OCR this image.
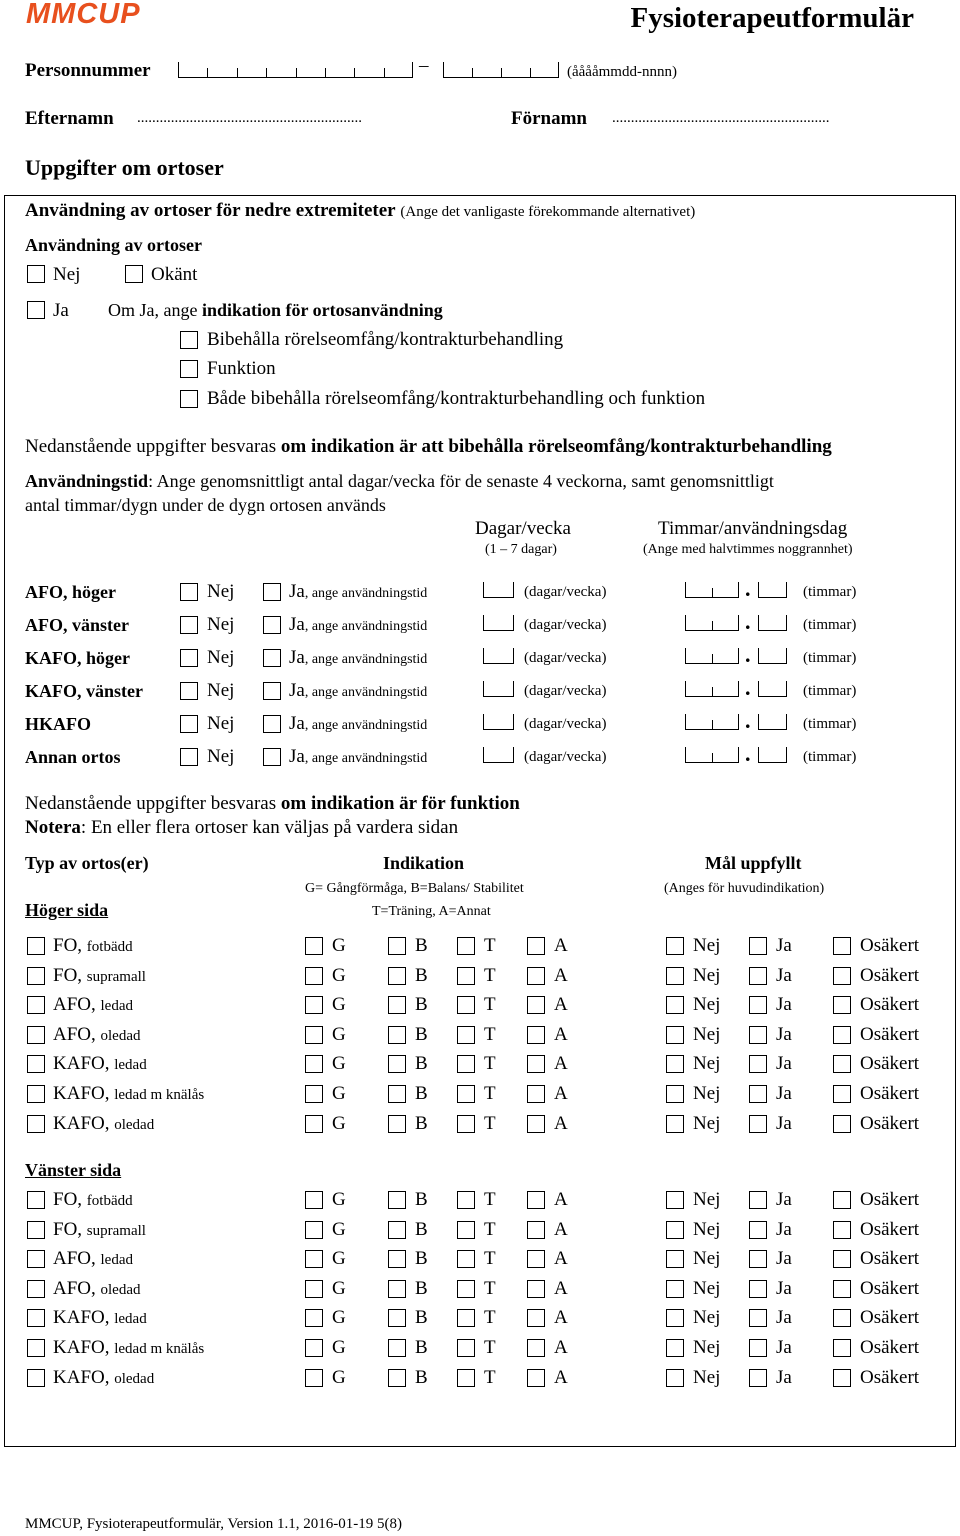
MMCUP	Fysioterapeutformulär
Personnummer	–	(ååååmmdd-nnnn)
Efternamn ............................................................	Förnamn ..........................................................
Uppgifter om ortoser
Användning av ortoser för nedre extremiteter (Ange det vanligaste förekommande alternativet)
Användning av ortoser
Nej	Okänt
Ja Om Ja, ange indikation för ortosanvändning
Bibehålla rörelseomfång/kontrakturbehandling
Funktion
Både bibehålla rörelseomfång/kontrakturbehandling och funktion
Nedanstående uppgifter besvaras om indikation är att bibehålla rörelseomfång/kontrakturbehandling
Användningstid: Ange genomsnittligt antal dagar/vecka för de senaste 4 veckorna, samt genomsnittligt
antal timmar/dygn under de dygn ortosen används
Dagar/vecka
(1 – 7 dagar)
Timmar/användningsdag
(Ange med halvtimmes noggrannhet)
AFO, höger	Nej	Ja, ange användningstid	(dagar/vecka)	.	(timmar)
AFO, vänster	Nej	Ja, ange användningstid	(dagar/vecka)	.	(timmar)
KAFO, höger	Nej	Ja, ange användningstid	(dagar/vecka)	.	(timmar)
KAFO, vänster	Nej	Ja, ange användningstid	(dagar/vecka)	.	(timmar)
HKAFO	Nej	Ja, ange användningstid	(dagar/vecka)	.	(timmar)
Annan ortos	Nej	Ja, ange användningstid	(dagar/vecka)	.	(timmar)
Nedanstående uppgifter besvaras om indikation är för funktion
Notera: En eller flera ortoser kan väljas på vardera sidan
Typ av ortos(er)	Indikation	Mål uppfyllt
G= Gångförmåga, B=Balans/ Stabilitet
T=Träning, A=Annat
(Anges för huvudindikation)
Höger sida
FO, fotbädd	G	B	T	A	Nej	Ja	Osäkert
FO, supramall	G	B	T	A	Nej	Ja	Osäkert
AFO, ledad	G	B	T	A	Nej	Ja	Osäkert
AFO, oledad	G	B	T	A	Nej	Ja	Osäkert
KAFO, ledad	G	B	T	A	Nej	Ja	Osäkert
KAFO, ledad m knälås	G	B	T	A	Nej	Ja	Osäkert
KAFO, oledad	G	B	T	A	Nej	Ja	Osäkert
Vänster sida
FO, fotbädd	G	B	T	A	Nej	Ja	Osäkert
FO, supramall	G	B	T	A	Nej	Ja	Osäkert
AFO, ledad	G	B	T	A	Nej	Ja	Osäkert
AFO, oledad	G	B	T	A	Nej	Ja	Osäkert
KAFO, ledad	G	B	T	A	Nej	Ja	Osäkert
KAFO, ledad m knälås	G	B	T	A	Nej	Ja	Osäkert
KAFO, oledad	G	B	T	A	Nej	Ja	Osäkert
MMCUP, Fysioterapeutformulär, Version 1.1, 2016-01-19 5(8)
